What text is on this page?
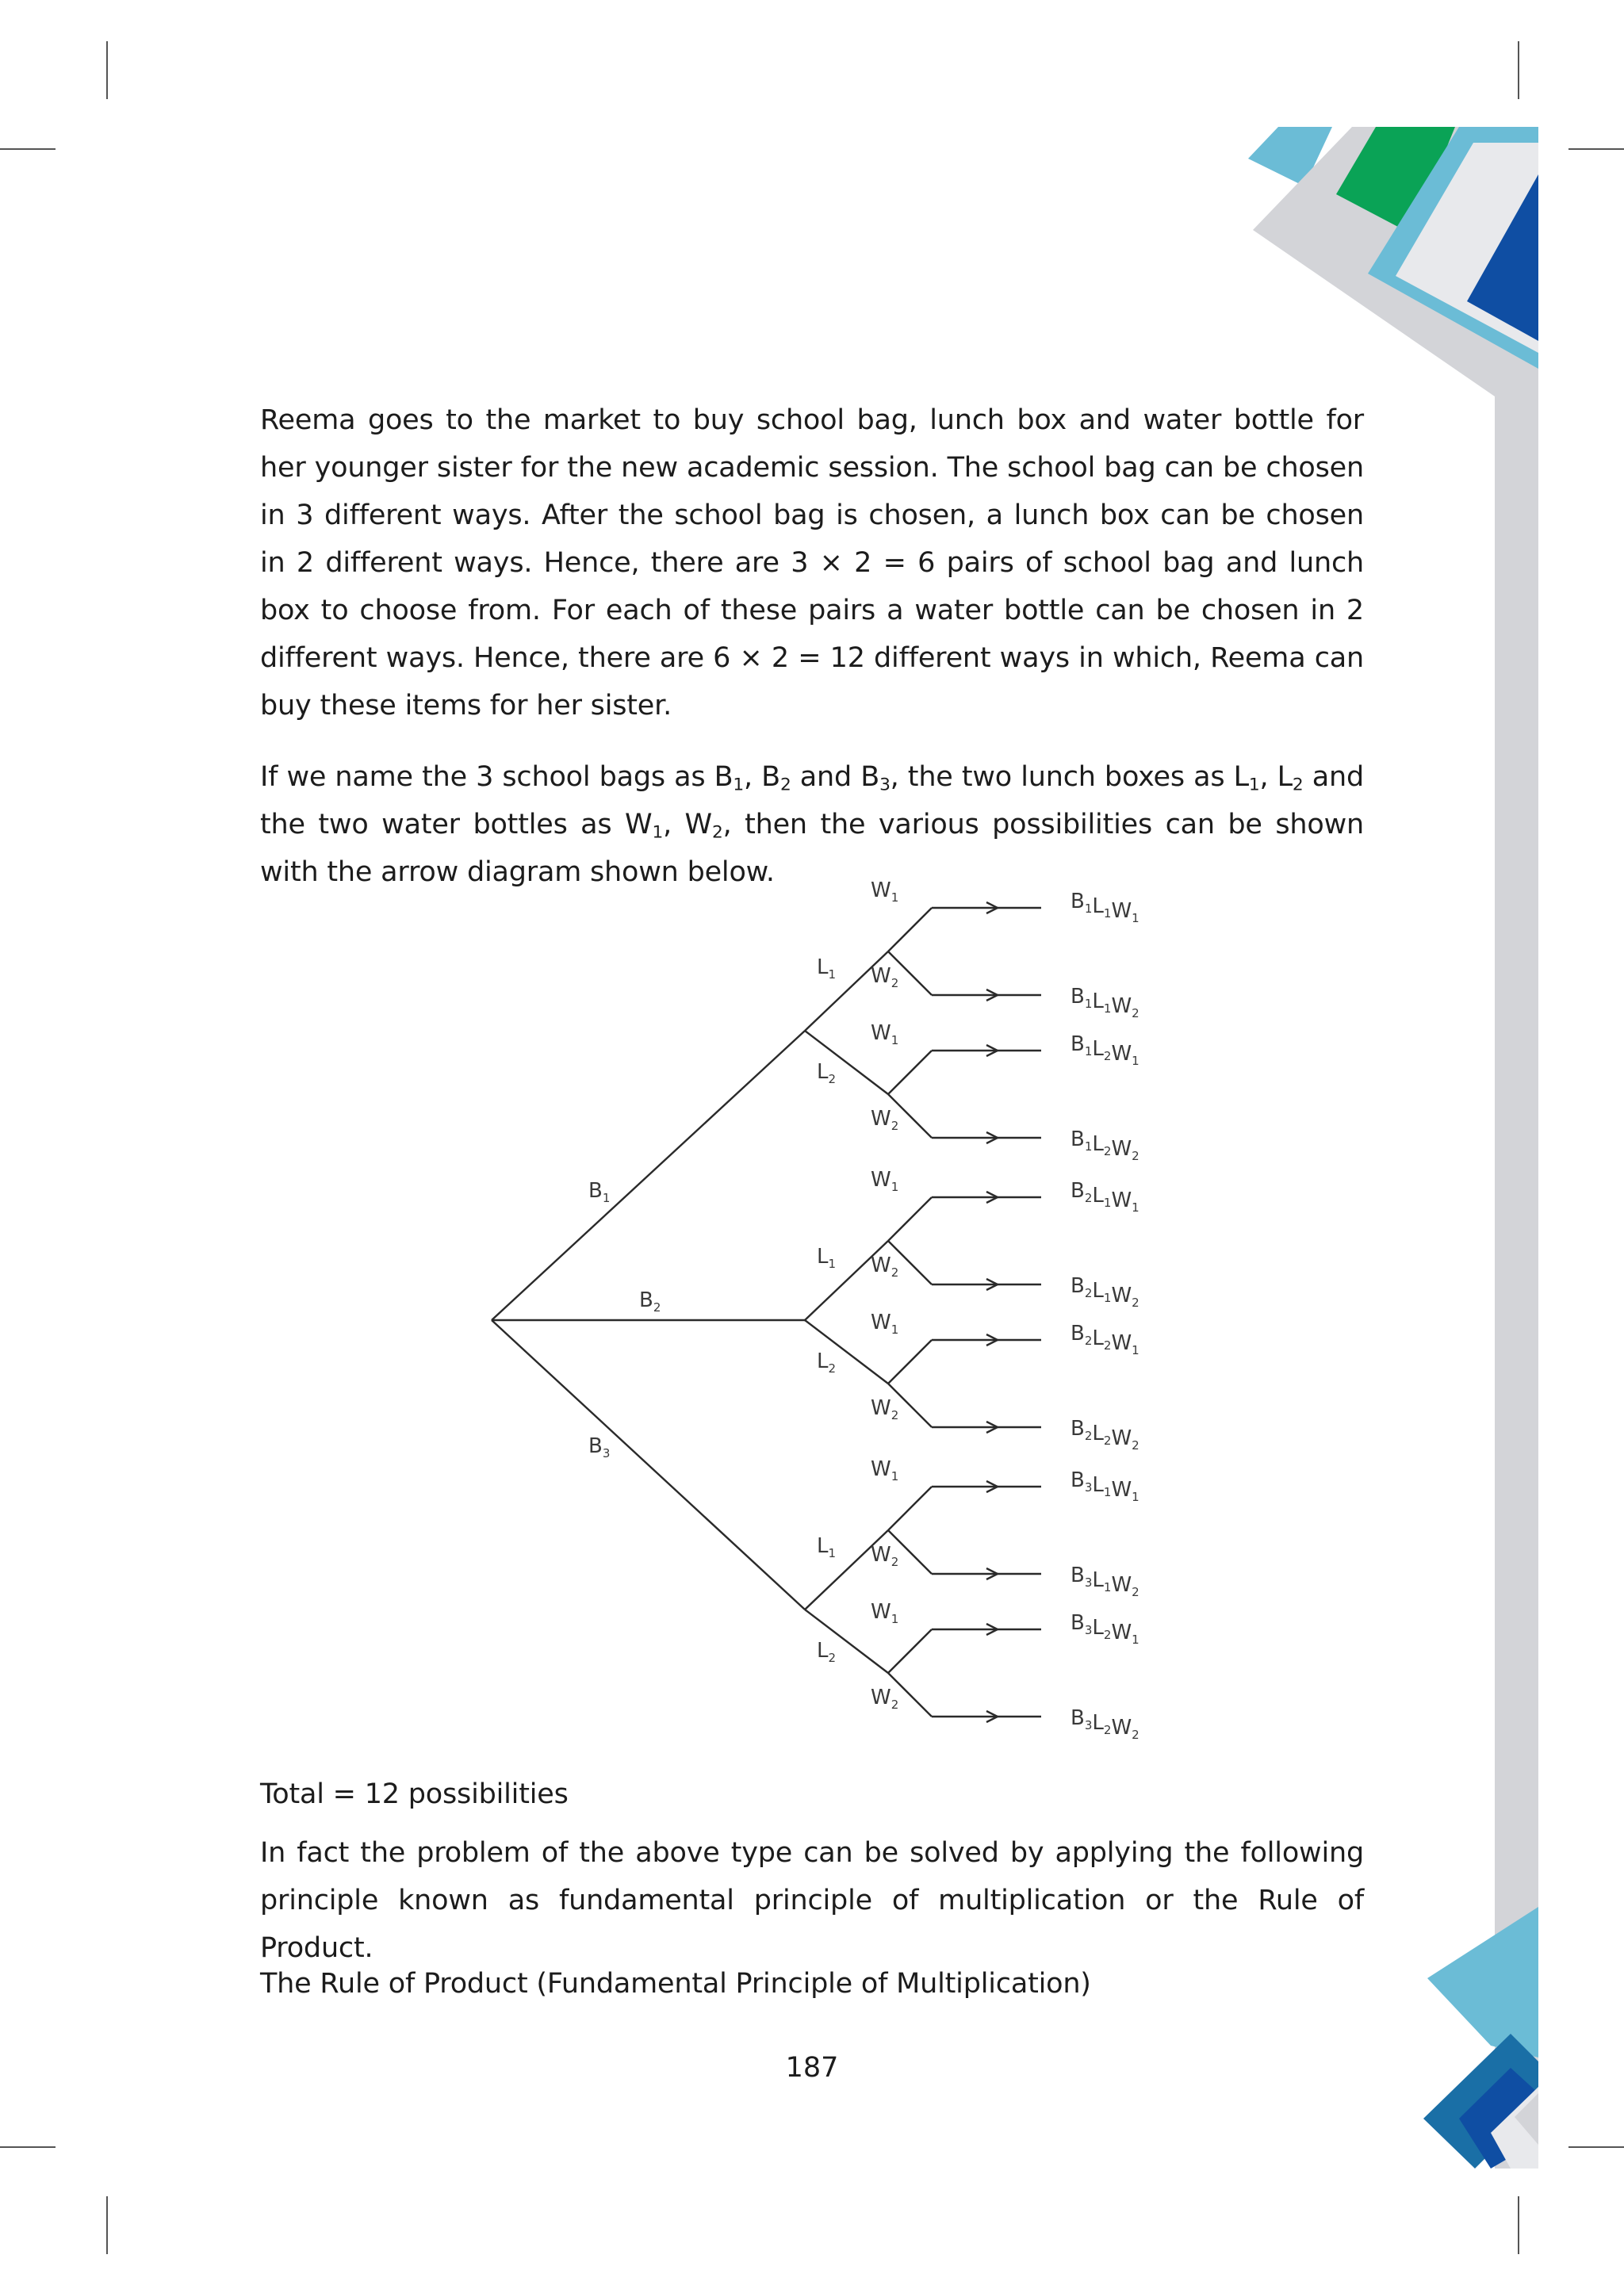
Reema goes to the market to buy school bag, lunch box and water bottle for her younger sister for the new academic session. The school bag can be chosen in 3 different ways. After the school bag is chosen, a lunch box can be chosen in 2 different ways. Hence, there are 3 × 2 = 6 pairs of school bag and lunch box to choose from. For each of these pairs a water bottle can be chosen in 2 different ways. Hence, there are 6 × 2 = 12 different ways in which, Reema can buy these items for her sister.

If we name the 3 school bags as $B_1$, $B_2$ and $B_3$, the two lunch boxes as $L_1$, $L_2$ and the two water bottles as $W_1$, $W_2$, then the various possibilities can be shown with the arrow diagram shown below.

$B_1$
$L_1$
$W_1$	$B_1L_1W_1$
$W_2$
$B_1L_1W_2$
$L_2$
$W_1$	$B_1L_2W_1$
$W_2$
$B_1L_2W_2$
$B_2$
$L_1$
$W_1$	$B_2L_1W_1$
$W_2$
$B_2L_1W_2$
$L_2$
$W_1$	$B_2L_2W_1$
$W_2$
$B_2L_2W_2$
$B_3$
$L_1$
$W_1$	$B_3L_1W_1$
$W_2$
$B_3L_1W_2$
$L_2$
$W_1$	$B_3L_2W_1$
$W_2$
$B_3L_2W_2$

Total = 12 possibilities

In fact the problem of the above type can be solved by applying the following principle known as fundamental principle of multiplication or the Rule of Product.

The Rule of Product (Fundamental Principle of Multiplication)

187
